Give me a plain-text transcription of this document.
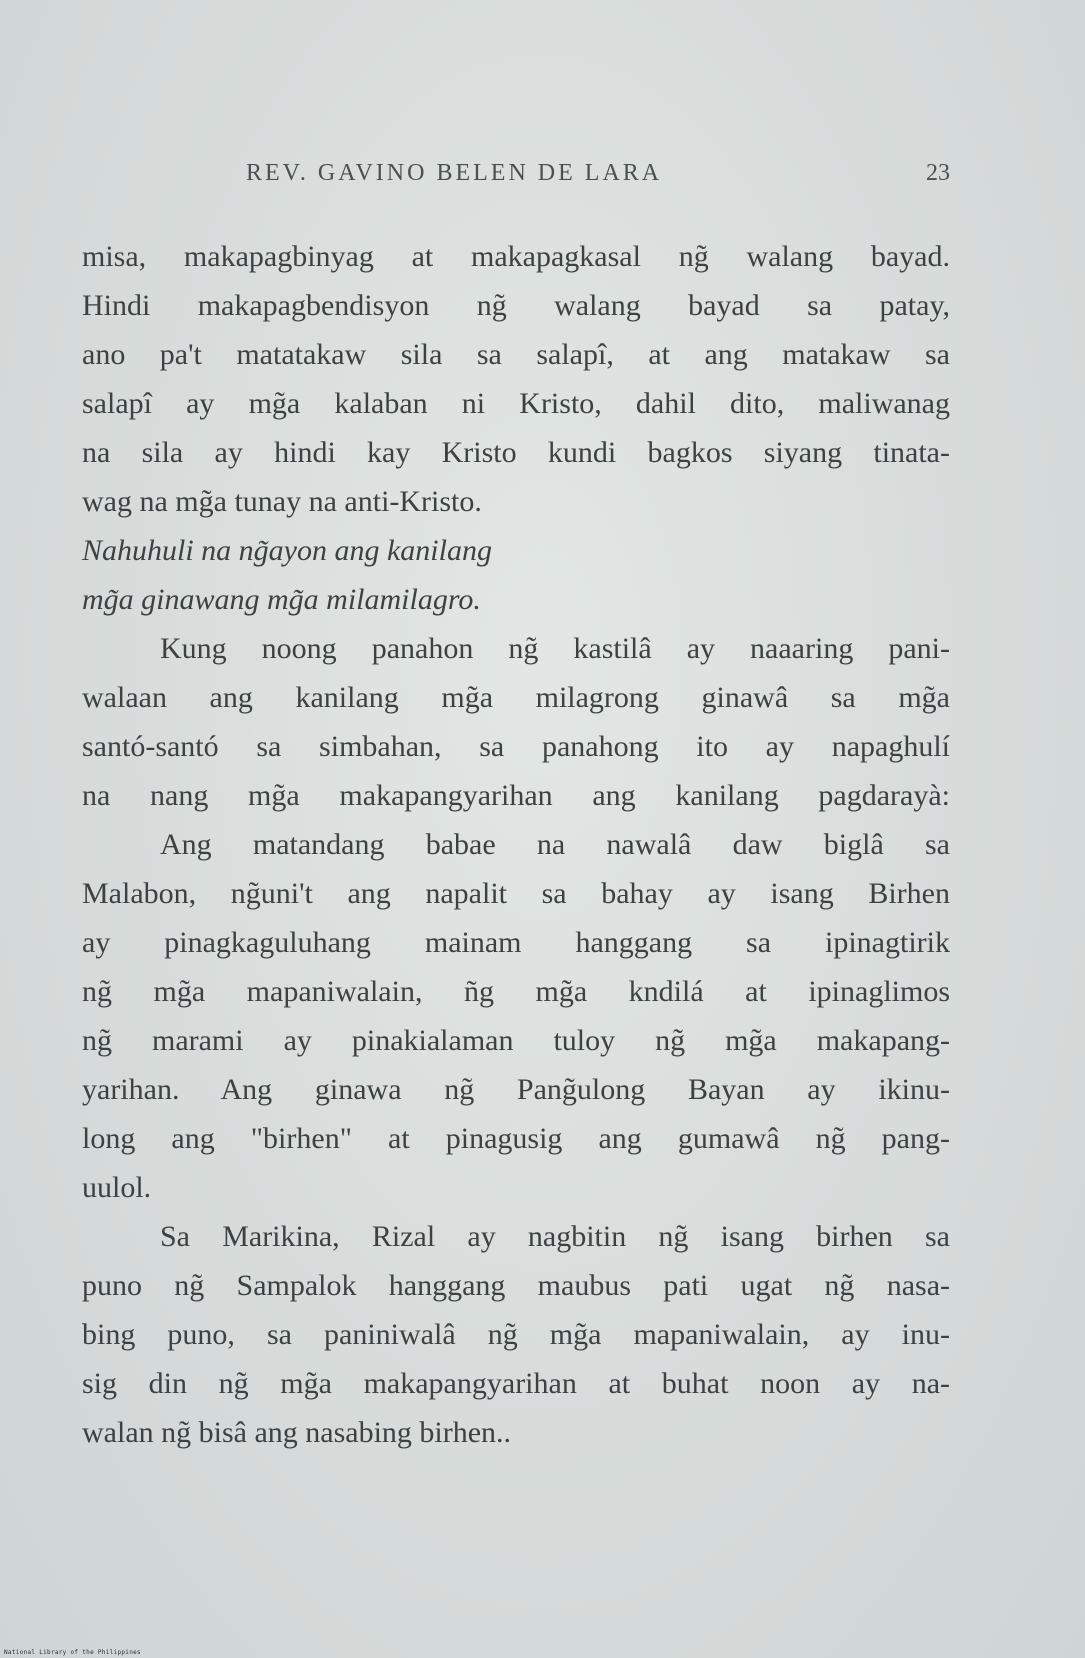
REV. GAVINO BELEN DE LARA	23
misa, makapagbinyag at makapagkasal ng̃ walang bayad.
Hindi makapagbendisyon ng̃ walang bayad sa patay,
ano pa't matatakaw sila sa salapî, at ang matakaw sa
salapî ay mg̃a kalaban ni Kristo, dahil dito, maliwanag
na sila ay hindi kay Kristo kundi bagkos siyang tinata-
wag na mg̃a tunay na anti-Kristo.
Nahuhuli na ng̃ayon ang kanilang
mg̃a ginawang mg̃a milamilagro.
Kung noong panahon ng̃ kastilâ ay naaaring pani-
walaan ang kanilang mg̃a milagrong ginawâ sa mg̃a
santó-santó sa simbahan, sa panahong ito ay napaghulí
na nang mg̃a makapangyarihan ang kanilang pagdarayà:
Ang matandang babae na nawalâ daw biglâ sa
Malabon, ng̃uni't ang napalit sa bahay ay isang Birhen
ay pinagkaguluhang mainam hanggang sa ipinagtirik
ng̃ mg̃a mapaniwalain, ñg mg̃a kndilá at ipinaglimos
ng̃ marami ay pinakialaman tuloy ng̃ mg̃a makapang-
yarihan. Ang ginawa ng̃ Pang̃ulong Bayan ay ikinu-
long ang "birhen" at pinagusig ang gumawâ ng̃ pang-
uulol.
Sa Marikina, Rizal ay nagbitin ng̃ isang birhen sa
puno ng̃ Sampalok hanggang maubus pati ugat ng̃ nasa-
bing puno, sa paniniwalâ ng̃ mg̃a mapaniwalain, ay inu-
sig din ng̃ mg̃a makapangyarihan at buhat noon ay na-
walan ng̃ bisâ ang nasabing birhen..
National Library of the Philippines
